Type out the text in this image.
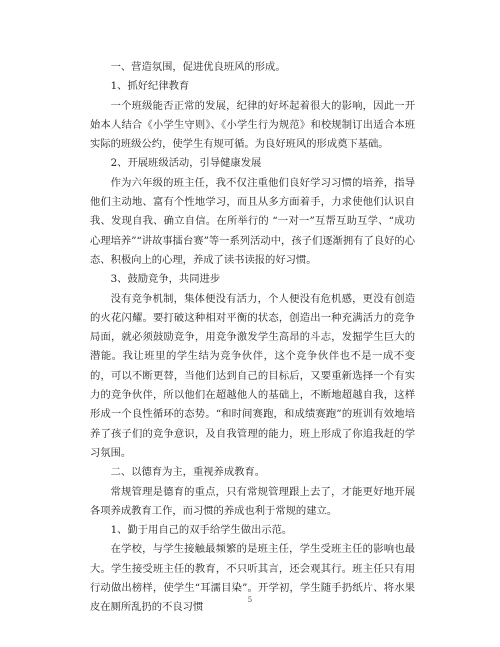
一、营造氛围，促进优良班风的形成。

1、抓好纪律教育

一个班级能否正常的发展，纪律的好坏起着很大的影响，因此一开始本人结合《小学生守则》、《小学生行为规范》和校规制订出适合本班实际的班级公约，使学生有规可循。为良好班风的形成奠下基础。

2、开展班级活动，引导健康发展

作为六年级的班主任，我不仅注重他们良好学习习惯的培养，指导他们主动地、富有个性地学习，而且从多方面着手，力求使他们认识自我、发现自我、确立自信。在所举行的 “一对一”互帮互助互学、“成功心理培养”“讲故事擂台赛”等一系列活动中，孩子们逐渐拥有了良好的心态、积极向上的心理，养成了读书读报的好习惯。

3、鼓励竞争，共同进步

没有竞争机制，集体便没有活力，个人便没有危机感，更没有创造的火花闪耀。要打破这种相对平衡的状态，创造出一种充满活力的竞争局面，就必须鼓励竞争，用竞争激发学生高昂的斗志，发掘学生巨大的潜能。我让班里的学生结为竞争伙伴，这个竞争伙伴也不是一成不变的，可以不断更替，当他们达到自己的目标后，又要重新选择一个有实力的竞争伙伴，所以他们在超越他人的基础上，不断地超越自我，这样形成一个良性循环的态势。“和时间赛跑，和成绩赛跑”的班训有效地培养了孩子们的竞争意识，及自我管理的能力，班上形成了你追我赶的学习氛围。

二、以德育为主，重视养成教育。

常规管理是德育的重点，只有常规管理跟上去了，才能更好地开展各项养成教育工作，而习惯的养成也利于常规的建立。

1、勤于用自己的双手给学生做出示范。

在学校，与学生接触最频繁的是班主任，学生受班主任的影响也最大。学生接受班主任的教育，不只听其言，还会观其行。班主任只有用行动做出榜样，使学生“耳濡目染”。开学初，学生随手扔纸片、将水果皮在厕所乱扔的不良习惯

5
